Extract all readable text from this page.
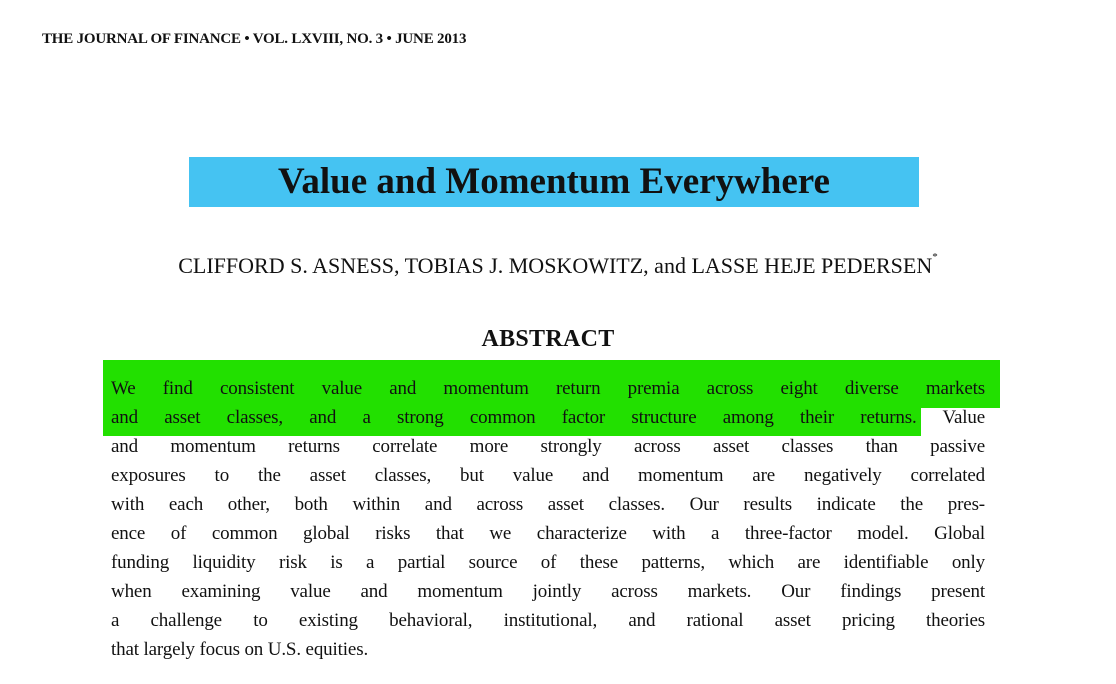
THE JOURNAL OF FINANCE • VOL. LXVIII, NO. 3 • JUNE 2013
Value and Momentum Everywhere
CLIFFORD S. ASNESS, TOBIAS J. MOSKOWITZ, and LASSE HEJE PEDERSEN*
ABSTRACT
We find consistent value and momentum return premia across eight diverse markets
and asset classes, and a strong common factor structure among their returns. Value
and momentum returns correlate more strongly across asset classes than passive
exposures to the asset classes, but value and momentum are negatively correlated
with each other, both within and across asset classes. Our results indicate the pres-
ence of common global risks that we characterize with a three-factor model. Global
funding liquidity risk is a partial source of these patterns, which are identifiable only
when examining value and momentum jointly across markets. Our findings present
a challenge to existing behavioral, institutional, and rational asset pricing theories
that largely focus on U.S. equities.
